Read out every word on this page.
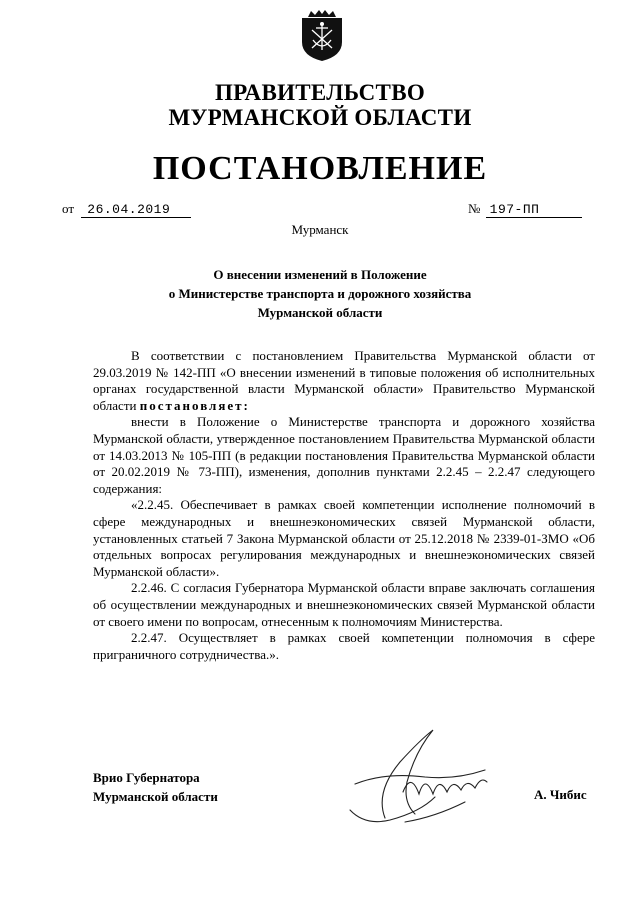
ПРАВИТЕЛЬСТВО
МУРМАНСКОЙ ОБЛАСТИ
ПОСТАНОВЛЕНИЕ
от 26.04.2019	№ 197-ПП
Мурманск
О внесении изменений в Положение
о Министерстве транспорта и дорожного хозяйства
Мурманской области

В соответствии с постановлением Правительства Мурманской области от 29.03.2019 № 142-ПП «О внесении изменений в типовые положения об исполнительных органах государственной власти Мурманской области» Правительство Мурманской области постановляет:

внести в Положение о Министерстве транспорта и дорожного хозяйства Мурманской области, утвержденное постановлением Правительства Мурманской области от 14.03.2013 № 105-ПП (в редакции постановления Правительства Мурманской области от 20.02.2019 № 73-ПП), изменения, дополнив пунктами 2.2.45 – 2.2.47 следующего содержания:

«2.2.45. Обеспечивает в рамках своей компетенции исполнение полномочий в сфере международных и внешнеэкономических связей Мурманской области, установленных статьей 7 Закона Мурманской области от 25.12.2018 № 2339-01-ЗМО «Об отдельных вопросах регулирования международных и внешнеэкономических связей Мурманской области».

2.2.46. С согласия Губернатора Мурманской области вправе заключать соглашения об осуществлении международных и внешнеэкономических связей Мурманской области от своего имени по вопросам, отнесенным к полномочиям Министерства.

2.2.47. Осуществляет в рамках своей компетенции полномочия в сфере приграничного сотрудничества.».

Врио Губернатора
Мурманской области	А. Чибис
